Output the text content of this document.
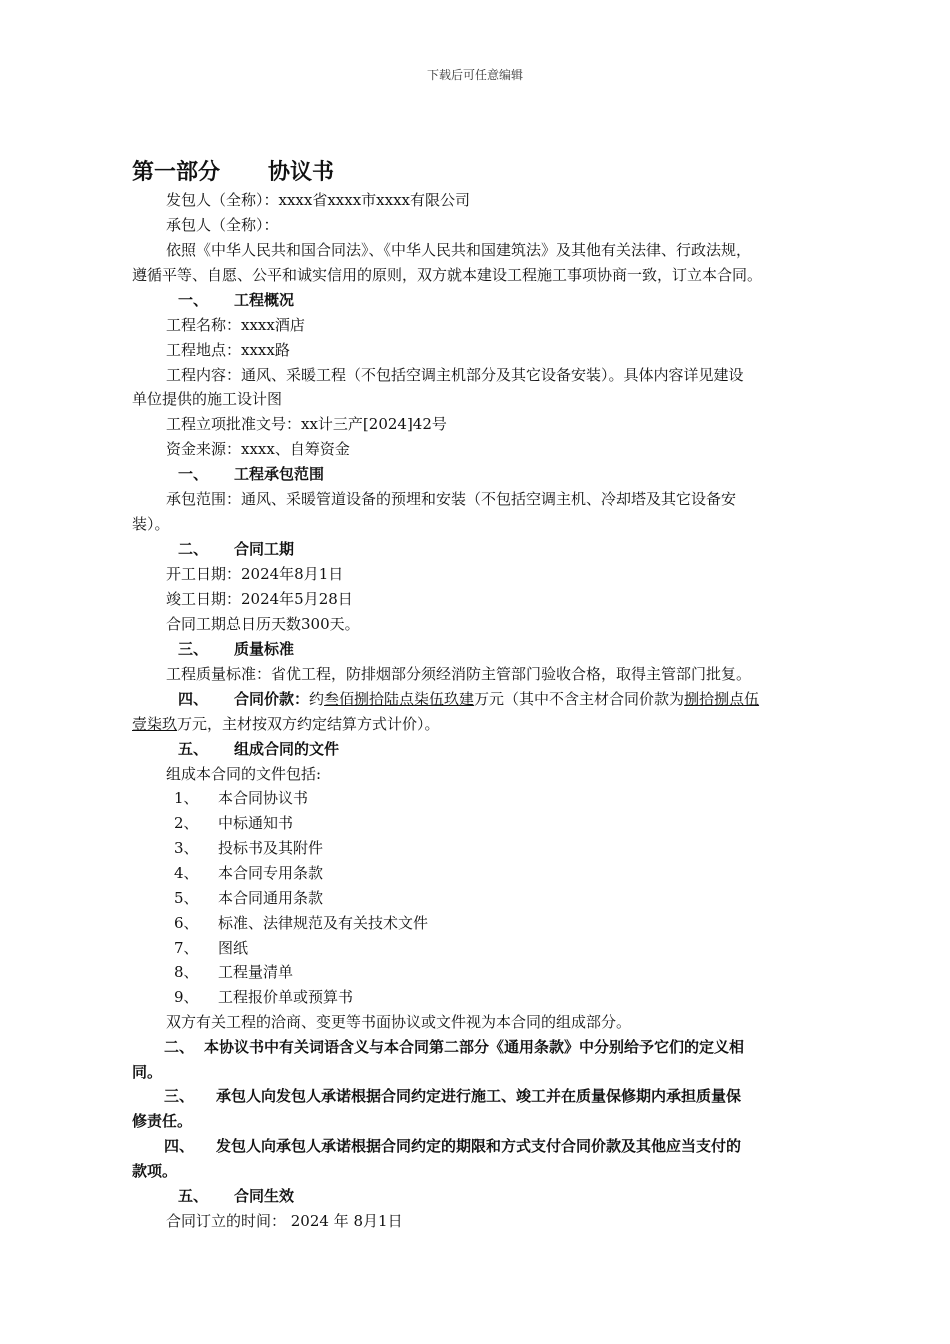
下载后可任意编辑
第一部分 协议书
发包人（全称）：xxxx省xxxx市xxxx有限公司
承包人（全称）：
依照《中华人民共和国合同法》、《中华人民共和国建筑法》及其他有关法律、行政法规，
遵循平等、自愿、公平和诚实信用的原则，双方就本建设工程施工事项协商一致，订立本合同。
一、 工程概况
工程名称：xxxx酒店
工程地点：xxxx路
工程内容：通风、采暖工程（不包括空调主机部分及其它设备安装）。具体内容详见建设
单位提供的施工设计图
工程立项批准文号：xx计三产[2024]42号
资金来源：xxxx、自筹资金
一、 工程承包范围
承包范围：通风、采暖管道设备的预埋和安装（不包括空调主机、冷却塔及其它设备安
装）。
二、 合同工期
开工日期：2024年8月1日
竣工日期：2024年5月28日
合同工期总日历天数300天。
三、 质量标准
工程质量标准：省优工程，防排烟部分须经消防主管部门验收合格，取得主管部门批复。
四、 合同价款：约叁佰捌拾陆点柒伍玖建万元（其中不含主材合同价款为捌拾捌点伍
壹柒玖万元，主材按双方约定结算方式计价）。
五、 组成合同的文件
组成本合同的文件包括:
1、 本合同协议书
2、 中标通知书
3、 投标书及其附件
4、 本合同专用条款
5、 本合同通用条款
6、 标准、法律规范及有关技术文件
7、 图纸
8、 工程量清单
9、 工程报价单或预算书
双方有关工程的洽商、变更等书面协议或文件视为本合同的组成部分。
二、 本协议书中有关词语含义与本合同第二部分《通用条款》中分别给予它们的定义相
同。
三、 承包人向发包人承诺根据合同约定进行施工、竣工并在质量保修期内承担质量保
修责任。
四、 发包人向承包人承诺根据合同约定的期限和方式支付合同价款及其他应当支付的
款项。
五、 合同生效
合同订立的时间： 2024 年 8月1日
